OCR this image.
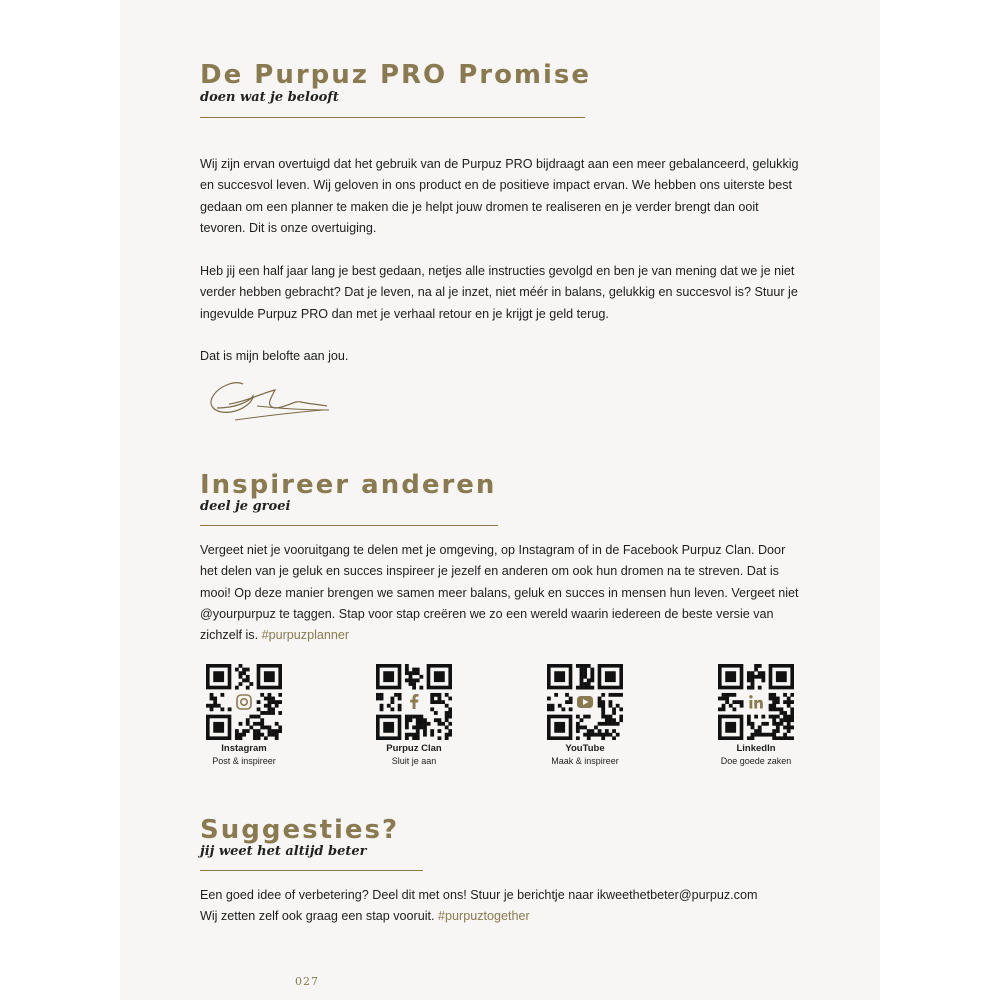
De Purpuz PRO Promise
doen wat je belooft

Wij zijn ervan overtuigd dat het gebruik van de Purpuz PRO bijdraagt aan een meer gebalanceerd, gelukkig en succesvol leven. Wij geloven in ons product en de positieve impact ervan. We hebben ons uiterste best gedaan om een planner te maken die je helpt jouw dromen te realiseren en je verder brengt dan ooit tevoren. Dit is onze overtuiging.

Heb jij een half jaar lang je best gedaan, netjes alle instructies gevolgd en ben je van mening dat we je niet verder hebben gebracht? Dat je leven, na al je inzet, niet méér in balans, gelukkig en succesvol is? Stuur je ingevulde Purpuz PRO dan met je verhaal retour en je krijgt je geld terug.

Dat is mijn belofte aan jou.

Inspireer anderen
deel je groei

Vergeet niet je vooruitgang te delen met je omgeving, op Instagram of in de Facebook Purpuz Clan. Door het delen van je geluk en succes inspireer je jezelf en anderen om ook hun dromen na te streven. Dat is mooi! Op deze manier brengen we samen meer balans, geluk en succes in mensen hun leven. Vergeet niet @yourpurpuz te taggen. Stap voor stap creëren we zo een wereld waarin iedereen de beste versie van zichzelf is. #purpuzplanner

Instagram
Post & inspireer
Purpuz Clan
Sluit je aan
YouTube
Maak & inspireer
LinkedIn
Doe goede zaken
Suggesties?
jij weet het altijd beter

Een goed idee of verbetering? Deel dit met ons! Stuur je berichtje naar ikweethetbeter@purpuz.com
Wij zetten zelf ook graag een stap vooruit. #purpuztogether

027
